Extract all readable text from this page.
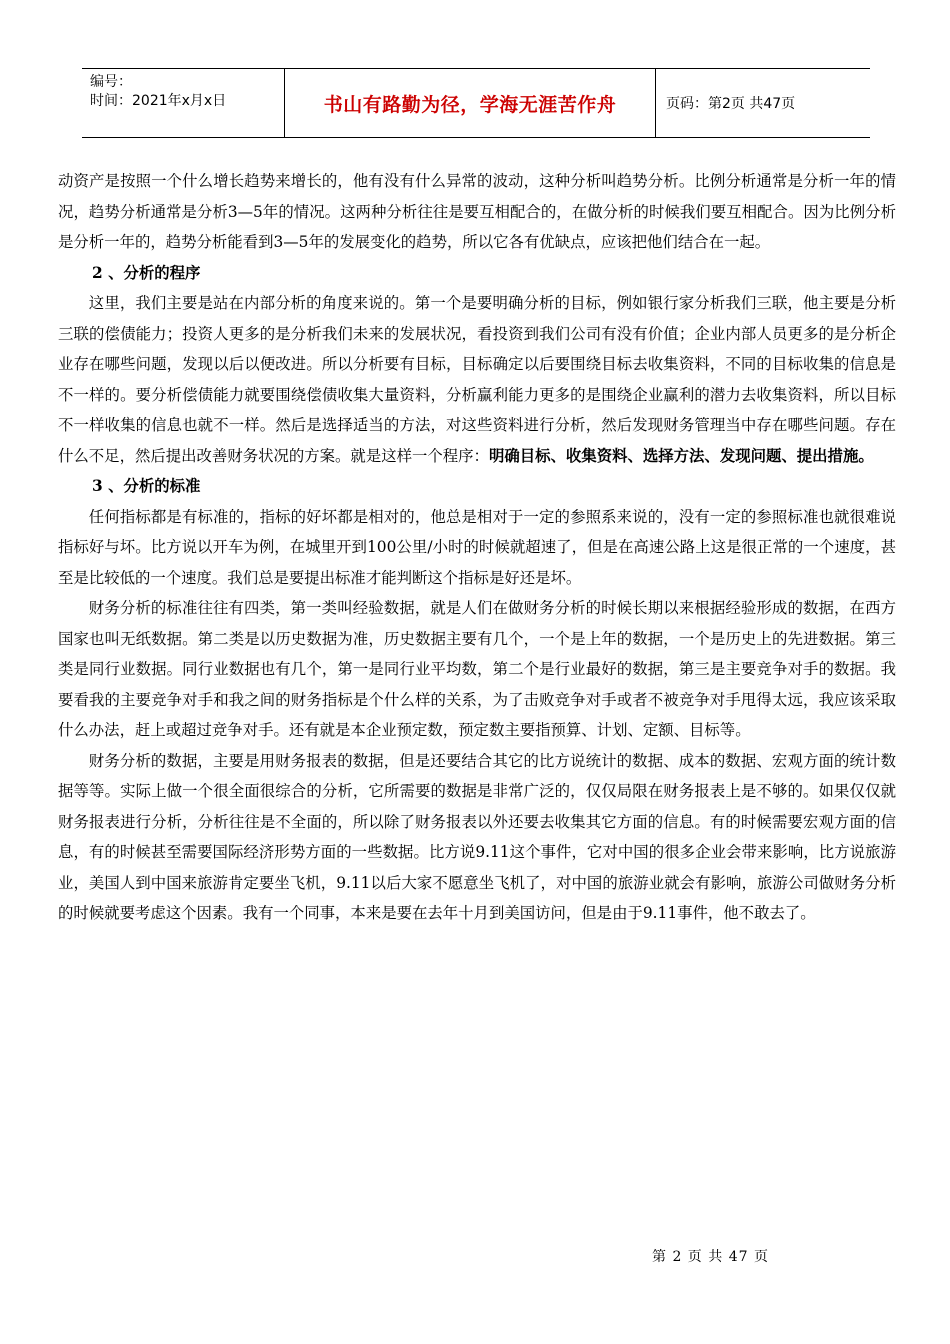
编号：
时间：2021年x月x日	书山有路勤为径，学海无涯苦作舟	页码：第2页 共47页

动资产是按照一个什么增长趋势来增长的，他有没有什么异常的波动，这种分析叫趋势分析。比例分析通常是分析一年的情况，趋势分析通常是分析3—5年的情况。这两种分析往往是要互相配合的，在做分析的时候我们要互相配合。因为比例分析是分析一年的，趋势分析能看到3—5年的发展变化的趋势，所以它各有优缺点，应该把他们结合在一起。

2 、分析的程序

这里，我们主要是站在内部分析的角度来说的。第一个是要明确分析的目标，例如银行家分析我们三联，他主要是分析三联的偿债能力；投资人更多的是分析我们未来的发展状况，看投资到我们公司有没有价值；企业内部人员更多的是分析企业存在哪些问题，发现以后以便改进。所以分析要有目标，目标确定以后要围绕目标去收集资料，不同的目标收集的信息是不一样的。要分析偿债能力就要围绕偿债收集大量资料，分析赢利能力更多的是围绕企业赢利的潜力去收集资料，所以目标不一样收集的信息也就不一样。然后是选择适当的方法，对这些资料进行分析，然后发现财务管理当中存在哪些问题。存在什么不足，然后提出改善财务状况的方案。就是这样一个程序：明确目标、收集资料、选择方法、发现问题、提出措施。

3 、分析的标准

任何指标都是有标准的，指标的好坏都是相对的，他总是相对于一定的参照系来说的，没有一定的参照标准也就很难说指标好与坏。比方说以开车为例，在城里开到100公里/小时的时候就超速了，但是在高速公路上这是很正常的一个速度，甚至是比较低的一个速度。我们总是要提出标准才能判断这个指标是好还是坏。

财务分析的标准往往有四类，第一类叫经验数据，就是人们在做财务分析的时候长期以来根据经验形成的数据，在西方国家也叫无纸数据。第二类是以历史数据为准，历史数据主要有几个，一个是上年的数据，一个是历史上的先进数据。第三类是同行业数据。同行业数据也有几个，第一是同行业平均数，第二个是行业最好的数据，第三是主要竞争对手的数据。我要看我的主要竞争对手和我之间的财务指标是个什么样的关系，为了击败竞争对手或者不被竞争对手甩得太远，我应该采取什么办法，赶上或超过竞争对手。还有就是本企业预定数，预定数主要指预算、计划、定额、目标等。

财务分析的数据，主要是用财务报表的数据，但是还要结合其它的比方说统计的数据、成本的数据、宏观方面的统计数据等等。实际上做一个很全面很综合的分析，它所需要的数据是非常广泛的，仅仅局限在财务报表上是不够的。如果仅仅就财务报表进行分析，分析往往是不全面的，所以除了财务报表以外还要去收集其它方面的信息。有的时候需要宏观方面的信息，有的时候甚至需要国际经济形势方面的一些数据。比方说9.11这个事件，它对中国的很多企业会带来影响，比方说旅游业，美国人到中国来旅游肯定要坐飞机，9.11以后大家不愿意坐飞机了，对中国的旅游业就会有影响，旅游公司做财务分析的时候就要考虑这个因素。我有一个同事，本来是要在去年十月到美国访问，但是由于9.11事件，他不敢去了。

第 2 页 共 47 页
